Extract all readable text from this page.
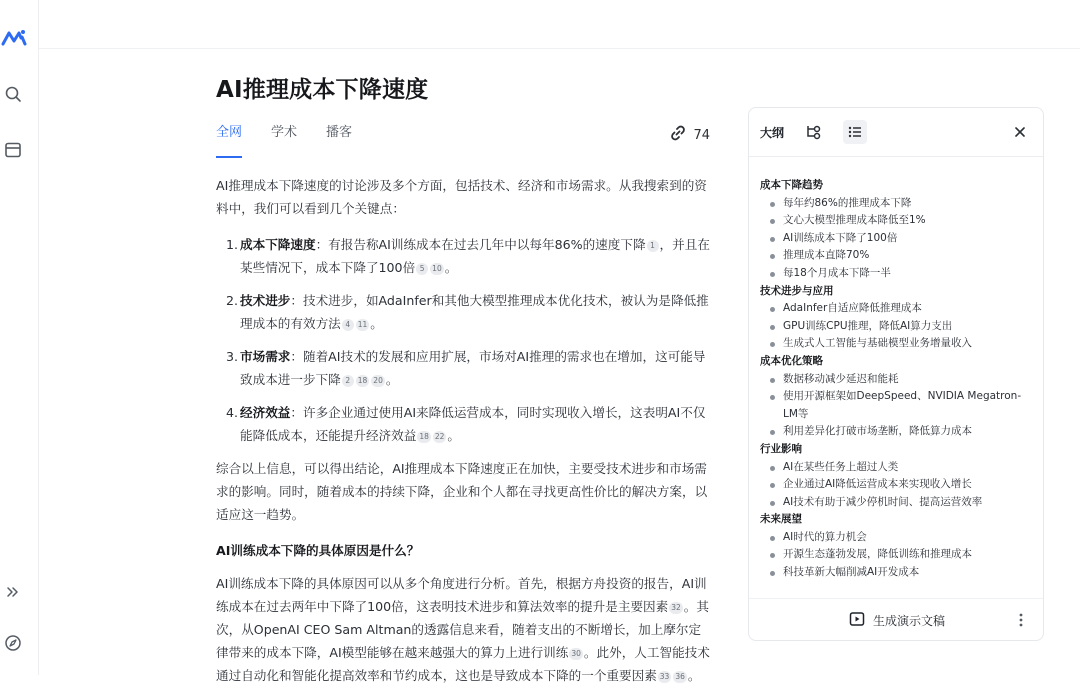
AI推理成本下降速度
全网 学术 播客	74

AI推理成本下降速度的讨论涉及多个方面，包括技术、经济和市场需求。从我搜索到的资料中，我们可以看到几个关键点：

1. 成本下降速度：有报告称AI训练成本在过去几年中以每年86%的速度下降 1 ，并且在某些情况下，成本下降了100倍 5 10 。
2. 技术进步：技术进步，如AdaInfer和其他大模型推理成本优化技术，被认为是降低推理成本的有效方法 4 11 。
3. 市场需求：随着AI技术的发展和应用扩展，市场对AI推理的需求也在增加，这可能导致成本进一步下降 2 18 20 。
4. 经济效益：许多企业通过使用AI来降低运营成本，同时实现收入增长，这表明AI不仅能降低成本，还能提升经济效益 18 22 。

综合以上信息，可以得出结论，AI推理成本下降速度正在加快，主要受技术进步和市场需求的影响。同时，随着成本的持续下降，企业和个人都在寻找更高性价比的解决方案，以适应这一趋势。

AI训练成本下降的具体原因是什么？

AI训练成本下降的具体原因可以从多个角度进行分析。首先，根据方舟投资的报告，AI训练成本在过去两年中下降了100倍，这表明技术进步和算法效率的提升是主要因素 32 。其次，从OpenAI CEO Sam Altman的透露信息来看，随着支出的不断增长，加上摩尔定律带来的成本下降，AI模型能够在越来越强大的算力上进行训练 30 。此外，人工智能技术通过自动化和智能化提高效率和节约成本，这也是导致成本下降的一个重要因素 33 36 。

大纲
成本下降趋势
每年约86%的推理成本下降
文心大模型推理成本降低至1%
AI训练成本下降了100倍
推理成本直降70%
每18个月成本下降一半
技术进步与应用
AdaInfer自适应降低推理成本
GPU训练CPU推理，降低AI算力支出
生成式人工智能与基础模型业务增量收入
成本优化策略
数据移动减少延迟和能耗
使用开源框架如DeepSpeed、NVIDIA Megatron-LM等
利用差异化打破市场垄断，降低算力成本
行业影响
AI在某些任务上超过人类
企业通过AI降低运营成本来实现收入增长
AI技术有助于减少停机时间、提高运营效率
未来展望
AI时代的算力机会
开源生态蓬勃发展，降低训练和推理成本
科技革新大幅削减AI开发成本
生成演示文稿
